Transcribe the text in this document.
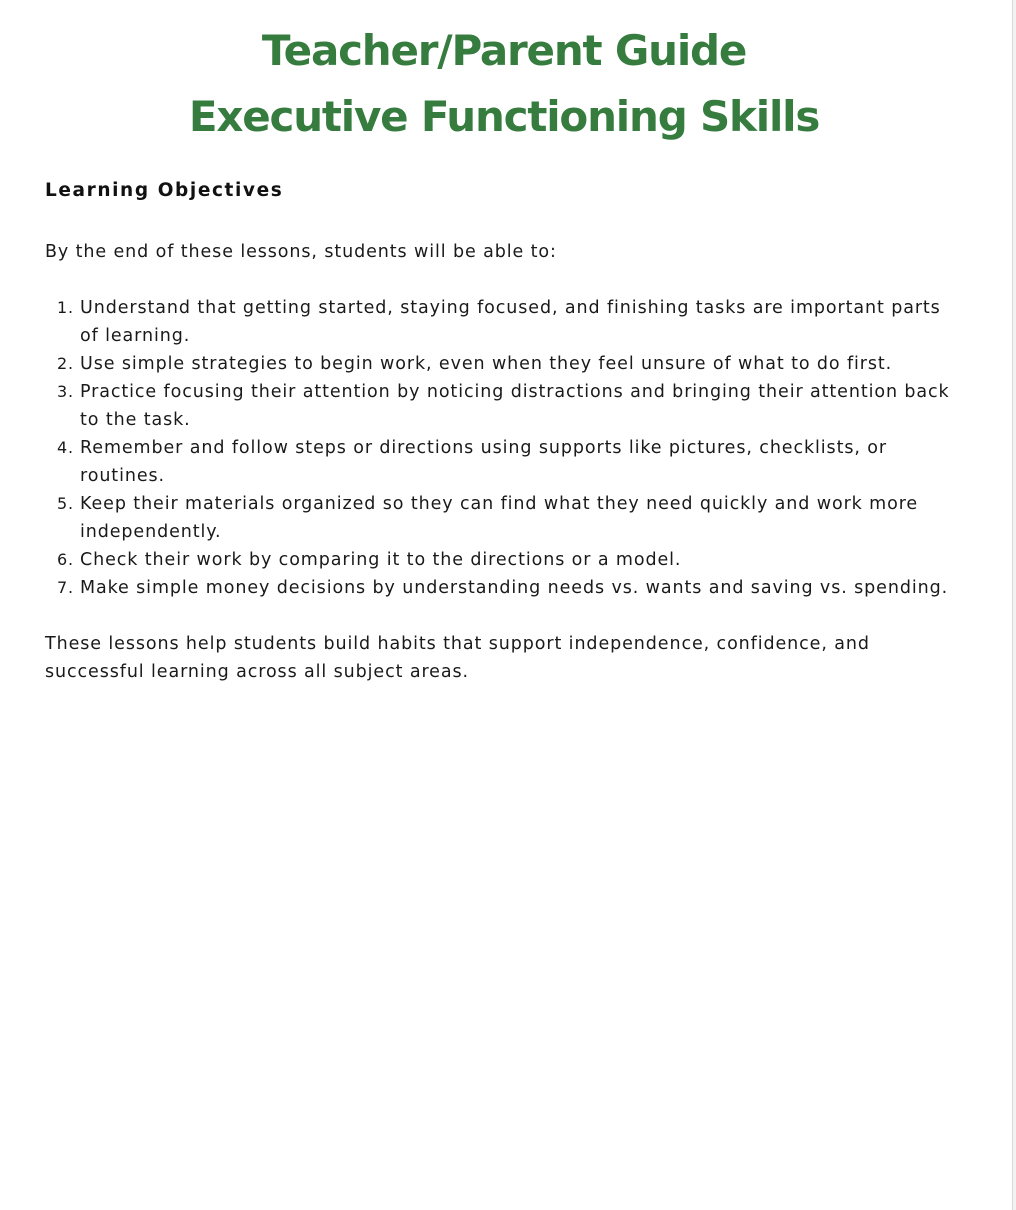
Teacher/Parent Guide
Executive Functioning Skills
Learning Objectives

By the end of these lessons, students will be able to:

1. Understand that getting started, staying focused, and finishing tasks are important parts of learning.
2. Use simple strategies to begin work, even when they feel unsure of what to do first.
3. Practice focusing their attention by noticing distractions and bringing their attention back to the task.
4. Remember and follow steps or directions using supports like pictures, checklists, or routines.
5. Keep their materials organized so they can find what they need quickly and work more independently.
6. Check their work by comparing it to the directions or a model.
7. Make simple money decisions by understanding needs vs. wants and saving vs. spending.

These lessons help students build habits that support independence, confidence, and successful learning across all subject areas.
